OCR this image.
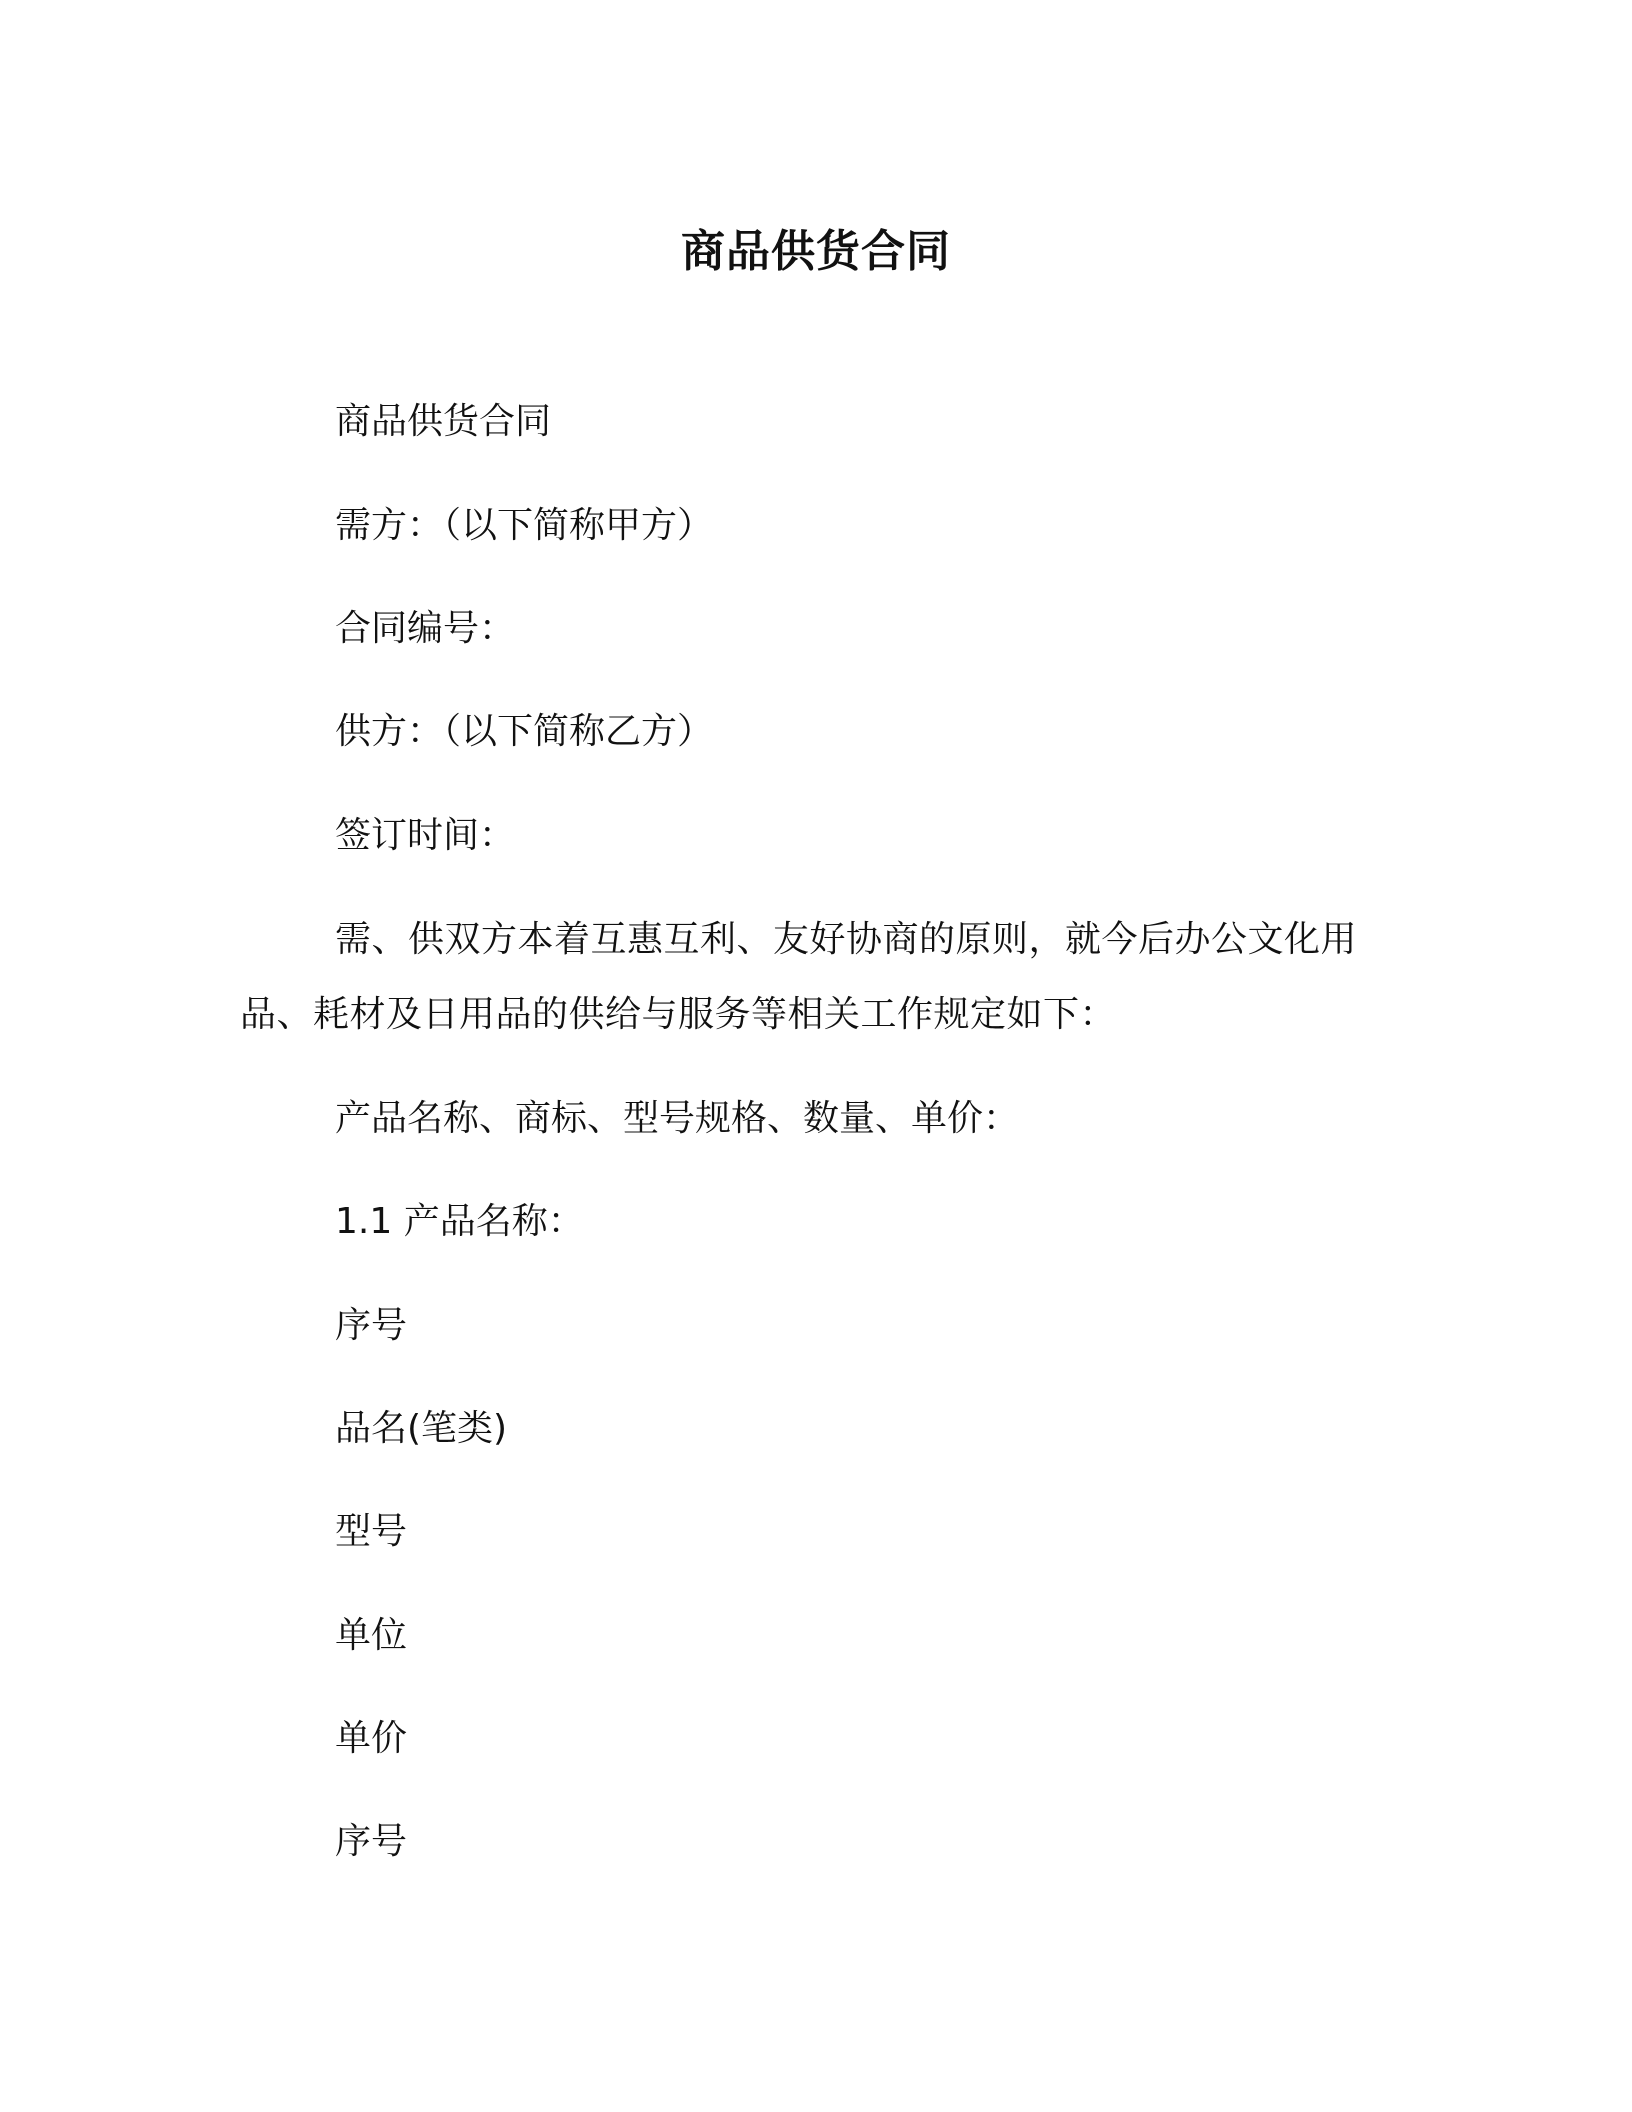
商品供货合同
商品供货合同
需方：（以下简称甲方）
合同编号：
供方：（以下简称乙方）
签订时间：
需、供双方本着互惠互利、友好协商的原则，就今后办公文化用品、耗材及日用品的供给与服务等相关工作规定如下：
产品名称、商标、型号规格、数量、单价：
1.1 产品名称：
序号
品名(笔类)
型号
单位
单价
序号
